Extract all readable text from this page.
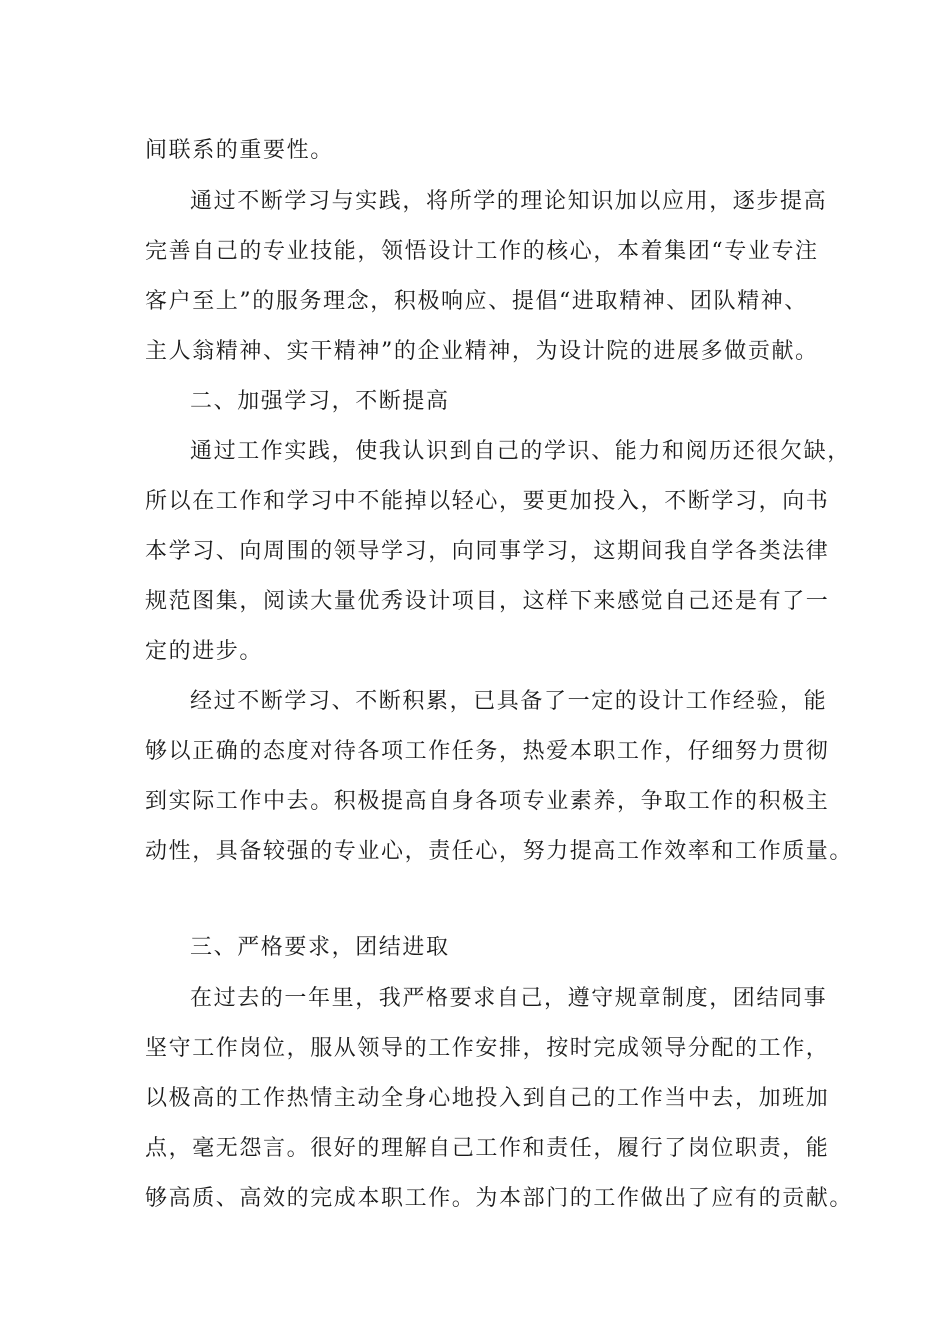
间联系的重要性。
通过不断学习与实践，将所学的理论知识加以应用，逐步提高
完善自己的专业技能，领悟设计工作的核心，本着集团“专业专注
客户至上”的服务理念，积极响应、提倡“进取精神、团队精神、
主人翁精神、实干精神”的企业精神，为设计院的进展多做贡献。
二、加强学习，不断提高
通过工作实践，使我认识到自己的学识、能力和阅历还很欠缺，
所以在工作和学习中不能掉以轻心，要更加投入，不断学习，向书
本学习、向周围的领导学习，向同事学习，这期间我自学各类法律
规范图集，阅读大量优秀设计项目，这样下来感觉自己还是有了一
定的进步。
经过不断学习、不断积累，已具备了一定的设计工作经验，能
够以正确的态度对待各项工作任务，热爱本职工作，仔细努力贯彻
到实际工作中去。积极提高自身各项专业素养，争取工作的积极主
动性，具备较强的专业心，责任心，努力提高工作效率和工作质量。
三、严格要求，团结进取
在过去的一年里，我严格要求自己，遵守规章制度，团结同事
坚守工作岗位，服从领导的工作安排，按时完成领导分配的工作，
以极高的工作热情主动全身心地投入到自己的工作当中去，加班加
点，毫无怨言。很好的理解自己工作和责任，履行了岗位职责，能
够高质、高效的完成本职工作。为本部门的工作做出了应有的贡献。
